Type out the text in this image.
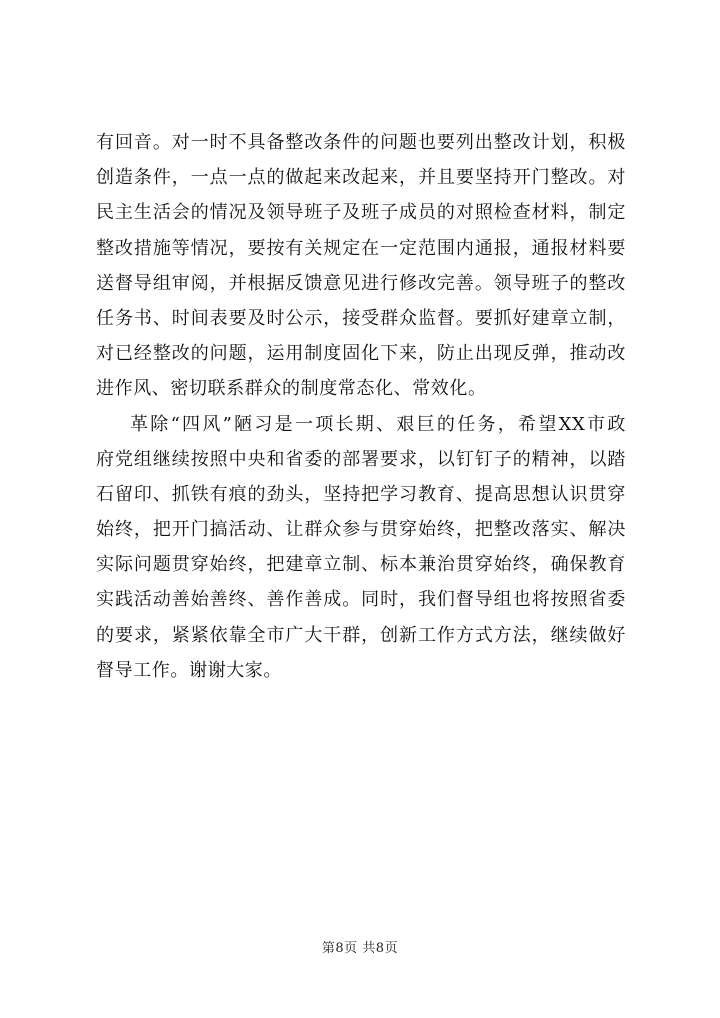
有回音。对一时不具备整改条件的问题也要列出整改计划，积极
创造条件，一点一点的做起来改起来，并且要坚持开门整改。对
民主生活会的情况及领导班子及班子成员的对照检查材料，制定
整改措施等情况，要按有关规定在一定范围内通报，通报材料要
送督导组审阅，并根据反馈意见进行修改完善。领导班子的整改
任务书、时间表要及时公示，接受群众监督。要抓好建章立制，
对已经整改的问题，运用制度固化下来，防止出现反弹，推动改
进作风、密切联系群众的制度常态化、常效化。
革除“四风”陋习是一项长期、艰巨的任务，希望XX市政
府党组继续按照中央和省委的部署要求，以钉钉子的精神，以踏
石留印、抓铁有痕的劲头，坚持把学习教育、提高思想认识贯穿
始终，把开门搞活动、让群众参与贯穿始终，把整改落实、解决
实际问题贯穿始终，把建章立制、标本兼治贯穿始终，确保教育
实践活动善始善终、善作善成。同时，我们督导组也将按照省委
的要求，紧紧依靠全市广大干群，创新工作方式方法，继续做好
督导工作。谢谢大家。
第8页 共8页
